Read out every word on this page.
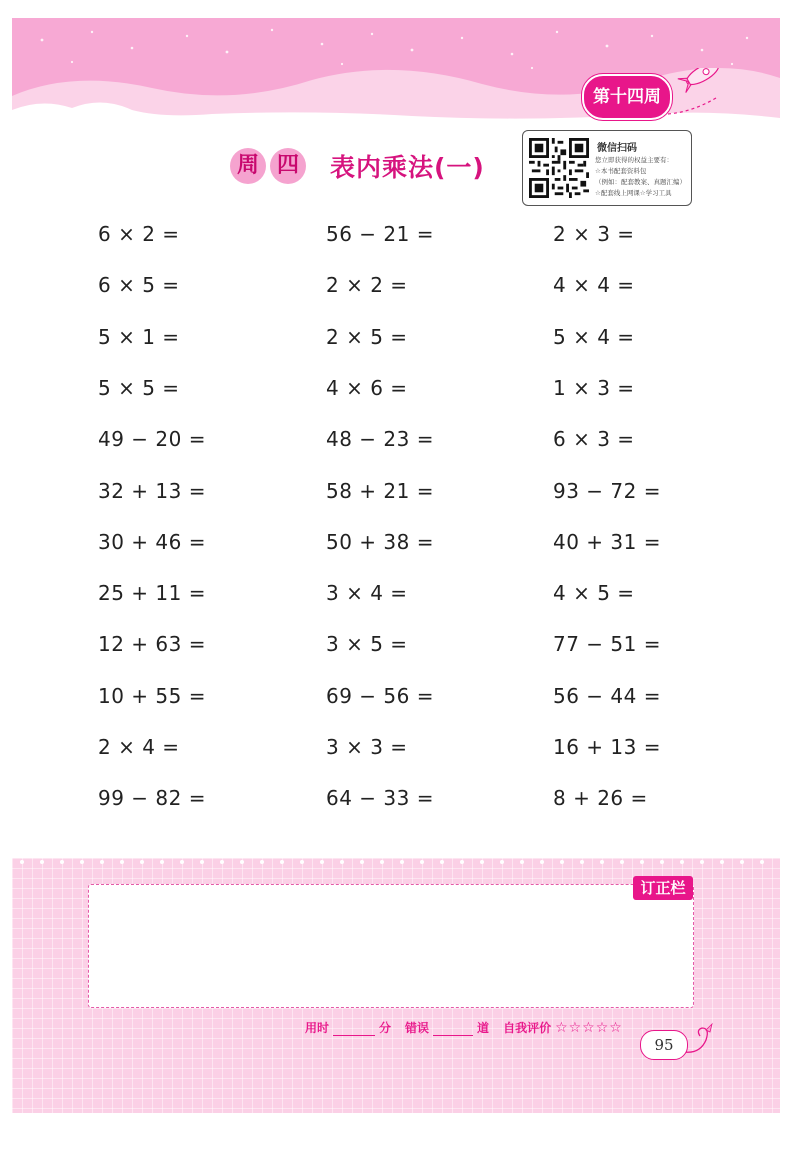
第十四周
周 四 表内乘法(一)
微信扫码
您立即获得的权益主要有：
☆本书配套资料包
（例如：配套教案、真题汇编）
☆配套线上网课☆学习工具
6 × 2 =
6 × 5 =
5 × 1 =
5 × 5 =
49 − 20 =
32 + 13 =
30 + 46 =
25 + 11 =
12 + 63 =
10 + 55 =
2 × 4 =
99 − 82 =
56 − 21 =
2 × 2 =
2 × 5 =
4 × 6 =
48 − 23 =
58 + 21 =
50 + 38 =
3 × 4 =
3 × 5 =
69 − 56 =
3 × 3 =
64 − 33 =
2 × 3 =
4 × 4 =
5 × 4 =
1 × 3 =
6 × 3 =
93 − 72 =
40 + 31 =
4 × 5 =
77 − 51 =
56 − 44 =
16 + 13 =
8 + 26 =
订正栏
用时	分 错误	道 自我评价 ☆☆☆☆☆
95
